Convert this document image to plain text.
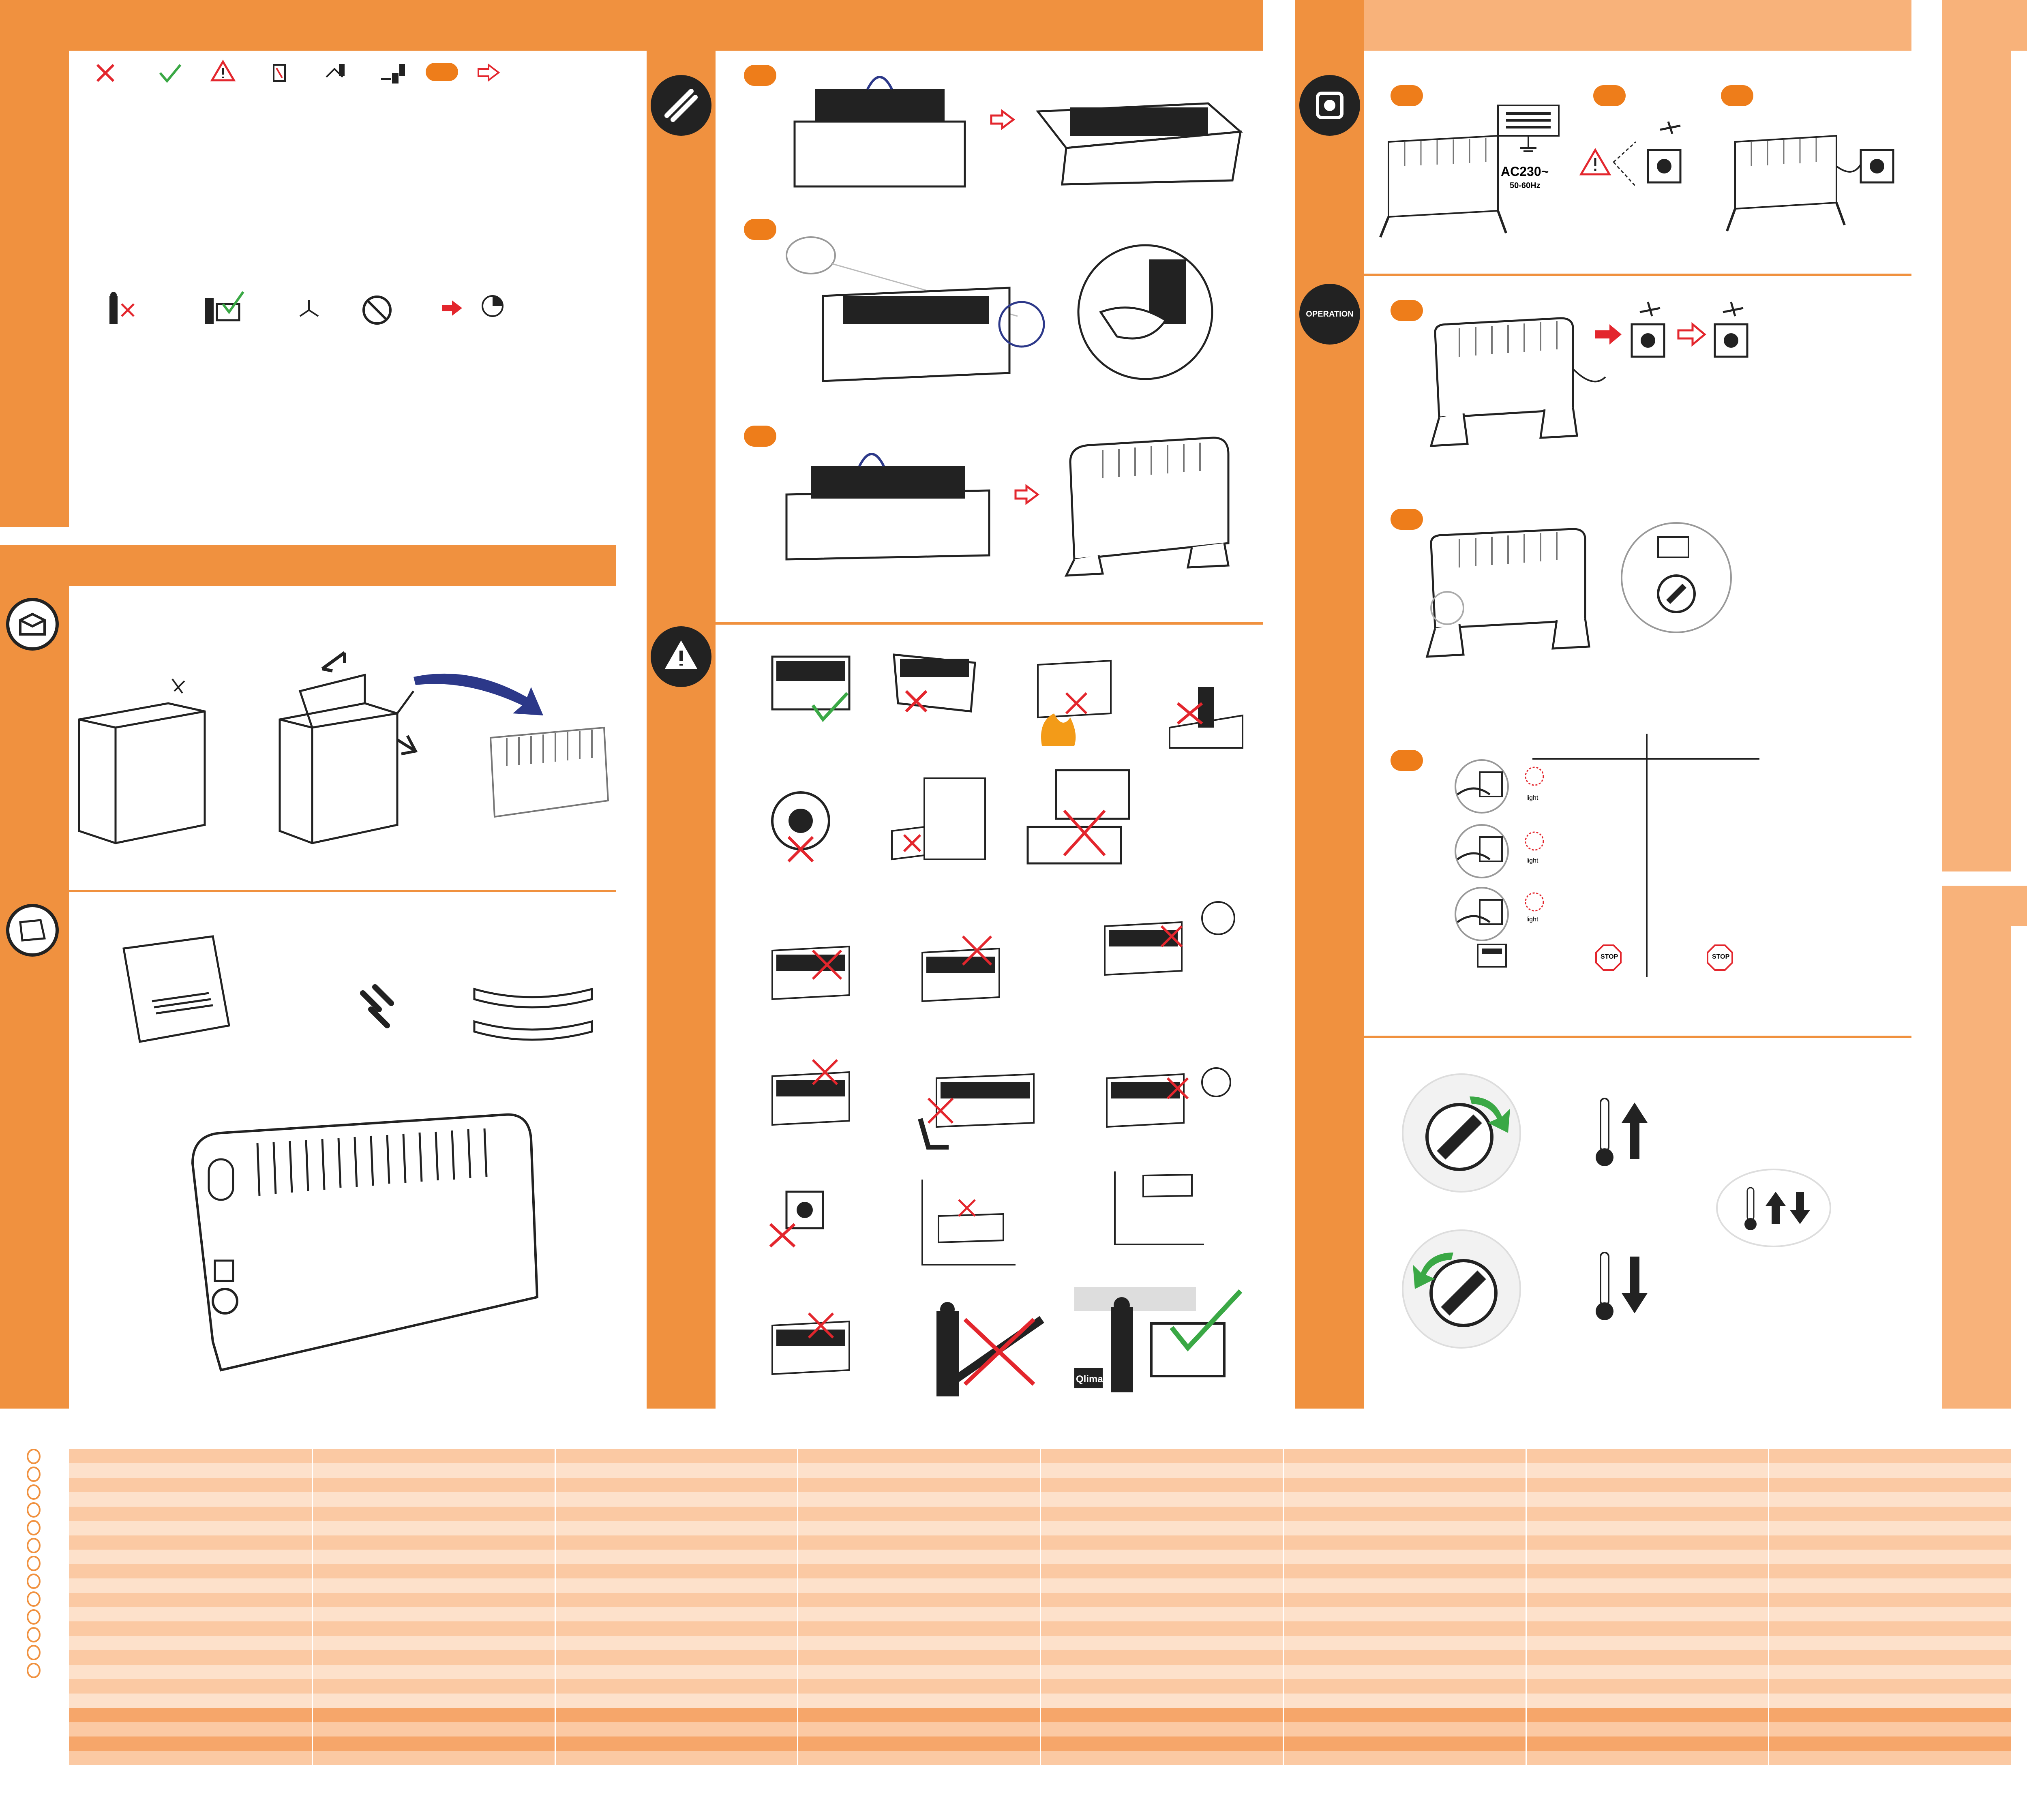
OPERATION
Qlima
AC230~
50-60Hz
light
light
light
STOP	STOP
